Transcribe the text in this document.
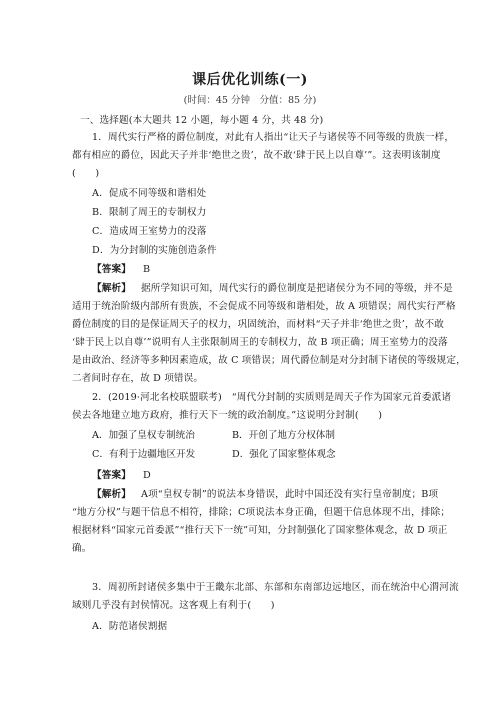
课后优化训练(一)
(时间：45 分钟　分值：85 分)
一、选择题(本大题共 12 小题，每小题 4 分，共 48 分)
1．周代实行严格的爵位制度，对此有人指出“让天子与诸侯等不同等级的贵族一样，
都有相应的爵位，因此天子并非‘绝世之贵’，故不敢‘肆于民上以自尊’”。这表明该制度
(　　)
A．促成不同等级和谐相处
B．限制了周王的专制权力
C．造成周王室势力的没落
D．为分封制的实施创造条件
【答案】 B
【解析】 据所学知识可知，周代实行的爵位制度是把诸侯分为不同的等级，并不是
适用于统治阶级内部所有贵族，不会促成不同等级和谐相处，故 A 项错误；周代实行严格
爵位制度的目的是保证周天子的权力，巩固统治，而材料“天子并非‘绝世之贵’，故不敢
‘肆于民上以自尊’”说明有人主张限制周王的专制权力，故 B 项正确；周王室势力的没落
是由政治、经济等多种因素造成，故 C 项错误；周代爵位制是对分封制下诸侯的等级规定，
二者间时存在，故 D 项错误。
2．(2019·河北名校联盟联考)　“周代分封制的实质则是周天子作为国家元首委派诸
侯去各地建立地方政府，推行天下一统的政治制度。”这说明分封制(　　)
A．加强了皇权专制统治	B．开创了地方分权体制
C．有利于边疆地区开发	D．强化了国家整体观念
【答案】 D
【解析】 A项“皇权专制”的说法本身错误，此时中国还没有实行皇帝制度；B项
“地方分权”与题干信息不相符，排除；C项说法本身正确，但题干信息体现不出，排除；
根据材料“国家元首委派”“推行天下一统”可知，分封制强化了国家整体观念，故 D 项正
确。
3．周初所封诸侯多集中于王畿东北部、东部和东南部边远地区，而在统治中心渭河流
域则几乎没有封侯情况。这客观上有利于(　　)
A．防范诸侯割据
